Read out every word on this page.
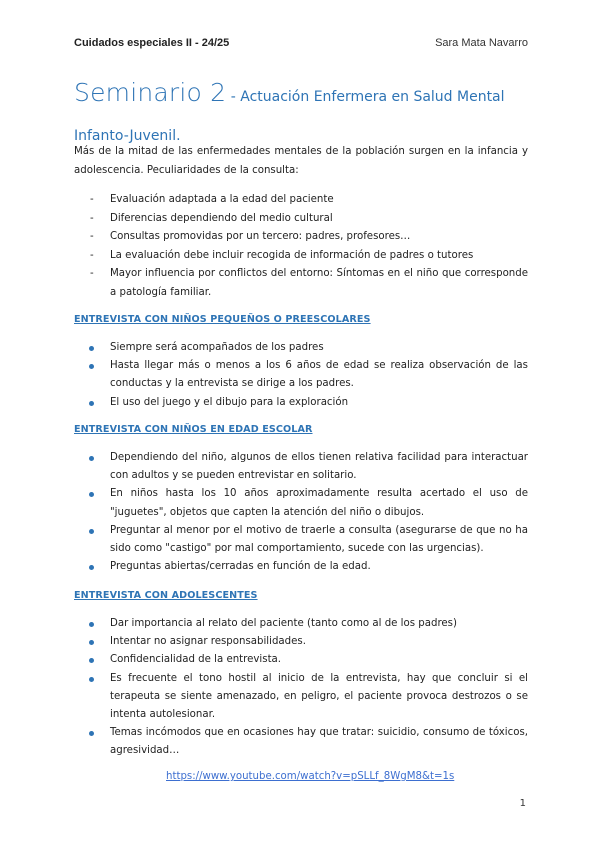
Cuidados especiales II - 24/25	Sara Mata Navarro
Seminario 2 - Actuación Enfermera en Salud Mental Infanto-Juvenil.
Más de la mitad de las enfermedades mentales de la población surgen en la infancia y adolescencia. Peculiaridades de la consulta:
- Evaluación adaptada a la edad del paciente
- Diferencias dependiendo del medio cultural
- Consultas promovidas por un tercero: padres, profesores…
- La evaluación debe incluir recogida de información de padres o tutores
- Mayor influencia por conflictos del entorno: Síntomas en el niño que corresponde a patología familiar.
ENTREVISTA CON NIÑOS PEQUEÑOS O PREESCOLARES
Siempre será acompañados de los padres
Hasta llegar más o menos a los 6 años de edad se realiza observación de las conductas y la entrevista se dirige a los padres.
El uso del juego y el dibujo para la exploración
ENTREVISTA CON NIÑOS EN EDAD ESCOLAR
Dependiendo del niño, algunos de ellos tienen relativa facilidad para interactuar con adultos y se pueden entrevistar en solitario.
En niños hasta los 10 años aproximadamente resulta acertado el uso de "juguetes", objetos que capten la atención del niño o dibujos.
Preguntar al menor por el motivo de traerle a consulta (asegurarse de que no ha sido como "castigo" por mal comportamiento, sucede con las urgencias).
Preguntas abiertas/cerradas en función de la edad.
ENTREVISTA CON ADOLESCENTES
Dar importancia al relato del paciente (tanto como al de los padres)
Intentar no asignar responsabilidades.
Confidencialidad de la entrevista.
Es frecuente el tono hostil al inicio de la entrevista, hay que concluir si el terapeuta se siente amenazado, en peligro, el paciente provoca destrozos o se intenta autolesionar.
Temas incómodos que en ocasiones hay que tratar: suicidio, consumo de tóxicos, agresividad…
https://www.youtube.com/watch?v=pSLLf_8WgM8&t=1s
1
